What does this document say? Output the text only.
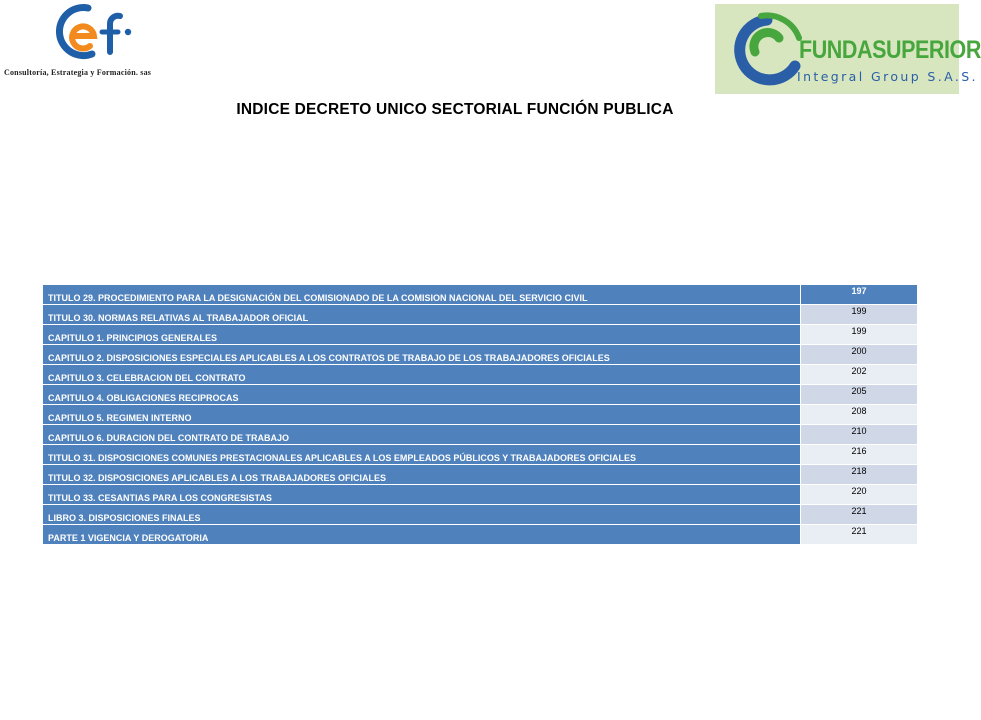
Consultoría, Estrategia y Formación. sas
FUNDASUPERIOR
Integral Group S.A.S.
INDICE DECRETO UNICO SECTORIAL FUNCIÓN PUBLICA
TITULO 29. PROCEDIMIENTO PARA LA DESIGNACIÓN DEL COMISIONADO DE LA COMISION NACIONAL DEL SERVICIO CIVIL	197
TITULO 30. NORMAS RELATIVAS AL TRABAJADOR OFICIAL	199
CAPITULO 1. PRINCIPIOS GENERALES	199
CAPITULO 2. DISPOSICIONES ESPECIALES APLICABLES A LOS CONTRATOS DE TRABAJO DE LOS TRABAJADORES OFICIALES	200
CAPITULO 3. CELEBRACION DEL CONTRATO	202
CAPITULO 4. OBLIGACIONES RECIPROCAS	205
CAPITULO 5. REGIMEN INTERNO	208
CAPITULO 6. DURACION DEL CONTRATO DE TRABAJO	210
TITULO 31. DISPOSICIONES COMUNES PRESTACIONALES APLICABLES A LOS EMPLEADOS PÚBLICOS Y TRABAJADORES OFICIALES	216
TITULO 32. DISPOSICIONES APLICABLES A LOS TRABAJADORES OFICIALES	218
TITULO 33. CESANTIAS PARA LOS CONGRESISTAS	220
LIBRO 3. DISPOSICIONES FINALES	221
PARTE 1 VIGENCIA Y DEROGATORIA	221
